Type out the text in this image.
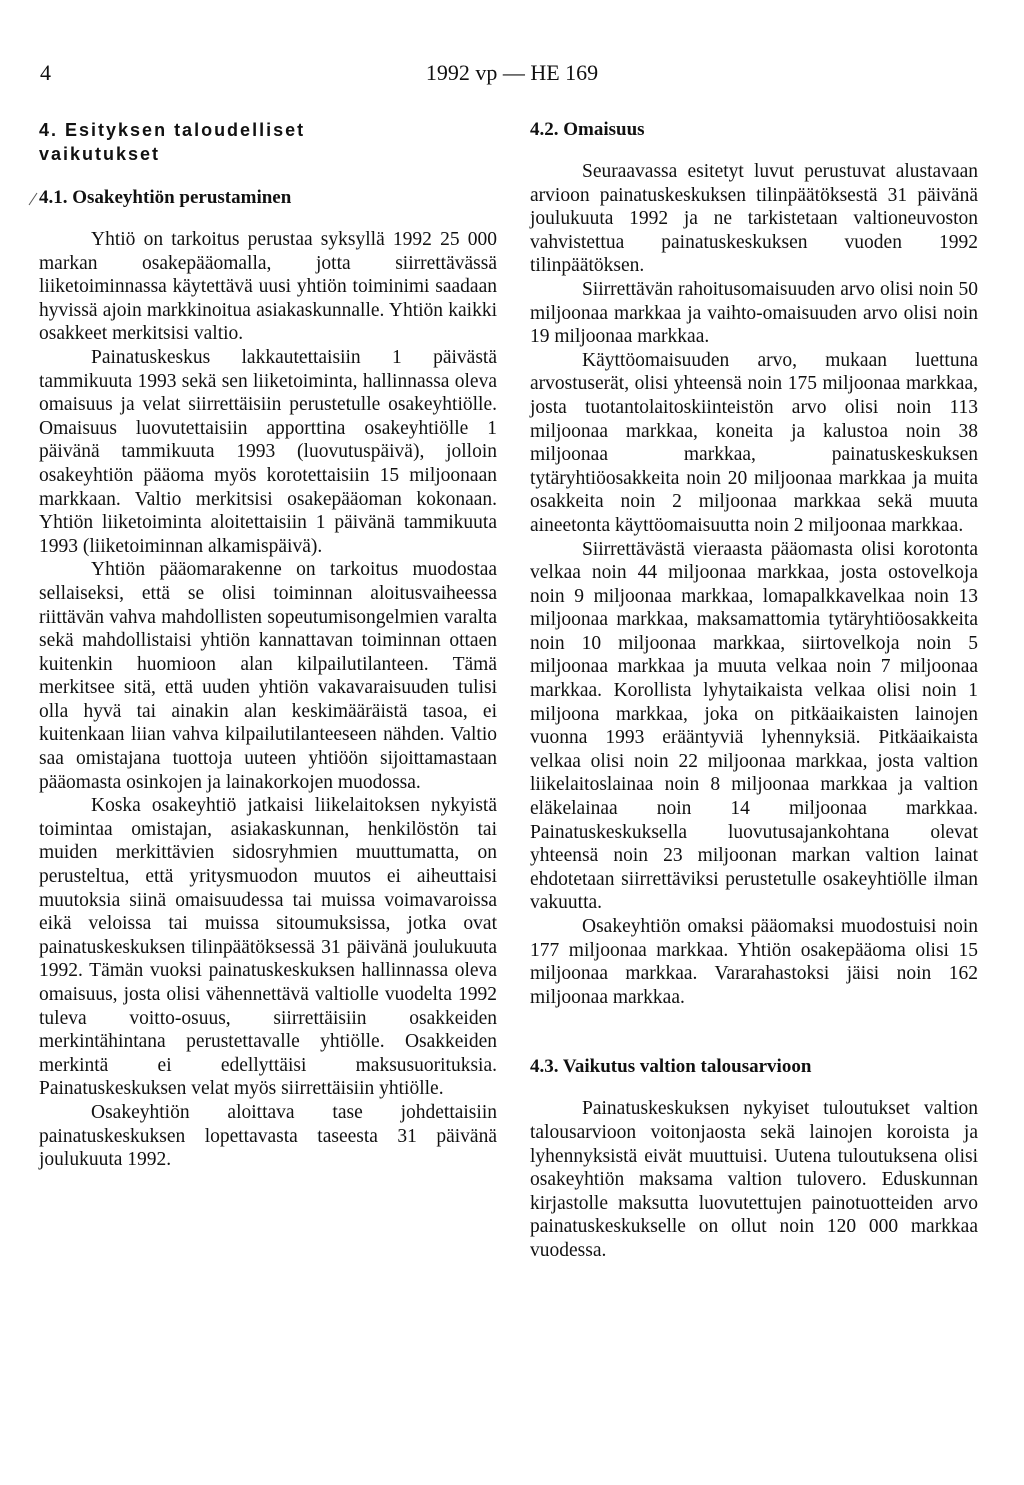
4	1992 vp — HE 169
4. Esityksen taloudelliset vaikutukset
4.1. Osakeyhtiön perustaminen

Yhtiö on tarkoitus perustaa syksyllä 1992 25 000 markan osakepääomalla, jotta siirrettävässä liiketoiminnassa käytettävä uusi yhtiön toiminimi saadaan hyvissä ajoin markkinoitua asiakaskunnalle. Yhtiön kaikki osakkeet merkitsisi valtio.

Painatuskeskus lakkautettaisiin 1 päivästä tammikuuta 1993 sekä sen liiketoiminta, hallinnassa oleva omaisuus ja velat siirrettäisiin perustetulle osakeyhtiölle. Omaisuus luovutettaisiin apporttina osakeyhtiölle 1 päivänä tammikuuta 1993 (luovutuspäivä), jolloin osakeyhtiön pääoma myös korotettaisiin 15 miljoonaan markkaan. Valtio merkitsisi osakepääoman kokonaan. Yhtiön liiketoiminta aloitettaisiin 1 päivänä tammikuuta 1993 (liiketoiminnan alkamispäivä).

Yhtiön pääomarakenne on tarkoitus muodostaa sellaiseksi, että se olisi toiminnan aloitusvaiheessa riittävän vahva mahdollisten sopeutumisongelmien varalta sekä mahdollistaisi yhtiön kannattavan toiminnan ottaen kuitenkin huomioon alan kilpailutilanteen. Tämä merkitsee sitä, että uuden yhtiön vakavaraisuuden tulisi olla hyvä tai ainakin alan keskimääräistä tasoa, ei kuitenkaan liian vahva kilpailutilanteeseen nähden. Valtio saa omistajana tuottoja uuteen yhtiöön sijoittamastaan pääomasta osinkojen ja lainakorkojen muodossa.

Koska osakeyhtiö jatkaisi liikelaitoksen nykyistä toimintaa omistajan, asiakaskunnan, henkilöstön tai muiden merkittävien sidosryhmien muuttumatta, on perusteltua, että yritysmuodon muutos ei aiheuttaisi muutoksia siinä omaisuudessa tai muissa voimavaroissa eikä veloissa tai muissa sitoumuksissa, jotka ovat painatuskeskuksen tilinpäätöksessä 31 päivänä joulukuuta 1992. Tämän vuoksi painatuskeskuksen hallinnassa oleva omaisuus, josta olisi vähennettävä valtiolle vuodelta 1992 tuleva voitto-osuus, siirrettäisiin osakkeiden merkintähintana perustettavalle yhtiölle. Osakkeiden merkintä ei edellyttäisi maksusuorituksia. Painatuskeskuksen velat myös siirrettäisiin yhtiölle.

Osakeyhtiön aloittava tase johdettaisiin painatuskeskuksen lopettavasta taseesta 31 päivänä joulukuuta 1992.

4.2. Omaisuus

Seuraavassa esitetyt luvut perustuvat alustavaan arvioon painatuskeskuksen tilinpäätöksestä 31 päivänä joulukuuta 1992 ja ne tarkistetaan valtioneuvoston vahvistettua painatuskeskuksen vuoden 1992 tilinpäätöksen.

Siirrettävän rahoitusomaisuuden arvo olisi noin 50 miljoonaa markkaa ja vaihto-omaisuuden arvo olisi noin 19 miljoonaa markkaa.

Käyttöomaisuuden arvo, mukaan luettuna arvostuserät, olisi yhteensä noin 175 miljoonaa markkaa, josta tuotantolaitoskiinteistön arvo olisi noin 113 miljoonaa markkaa, koneita ja kalustoa noin 38 miljoonaa markkaa, painatuskeskuksen tytäryhtiöosakkeita noin 20 miljoonaa markkaa ja muita osakkeita noin 2 miljoonaa markkaa sekä muuta aineetonta käyttöomaisuutta noin 2 miljoonaa markkaa.

Siirrettävästä vieraasta pääomasta olisi korotonta velkaa noin 44 miljoonaa markkaa, josta ostovelkoja noin 9 miljoonaa markkaa, lomapalkkavelkaa noin 13 miljoonaa markkaa, maksamattomia tytäryhtiöosakkeita noin 10 miljoonaa markkaa, siirtovelkoja noin 5 miljoonaa markkaa ja muuta velkaa noin 7 miljoonaa markkaa. Korollista lyhytaikaista velkaa olisi noin 1 miljoona markkaa, joka on pitkäaikaisten lainojen vuonna 1993 erääntyviä lyhennyksiä. Pitkäaikaista velkaa olisi noin 22 miljoonaa markkaa, josta valtion liikelaitoslainaa noin 8 miljoonaa markkaa ja valtion eläkelainaa noin 14 miljoonaa markkaa. Painatuskeskuksella luovutusajankohtana olevat yhteensä noin 23 miljoonan markan valtion lainat ehdotetaan siirrettäviksi perustetulle osakeyhtiölle ilman vakuutta.

Osakeyhtiön omaksi pääomaksi muodostuisi noin 177 miljoonaa markkaa. Yhtiön osakepääoma olisi 15 miljoonaa markkaa. Vararahastoksi jäisi noin 162 miljoonaa markkaa.

4.3. Vaikutus valtion talousarvioon

Painatuskeskuksen nykyiset tuloutukset valtion talousarvioon voitonjaosta sekä lainojen koroista ja lyhennyksistä eivät muuttuisi. Uutena tuloutuksena olisi osakeyhtiön maksama valtion tulovero. Eduskunnan kirjastolle maksutta luovutettujen painotuotteiden arvo painatuskeskukselle on ollut noin 120 000 markkaa vuodessa.
